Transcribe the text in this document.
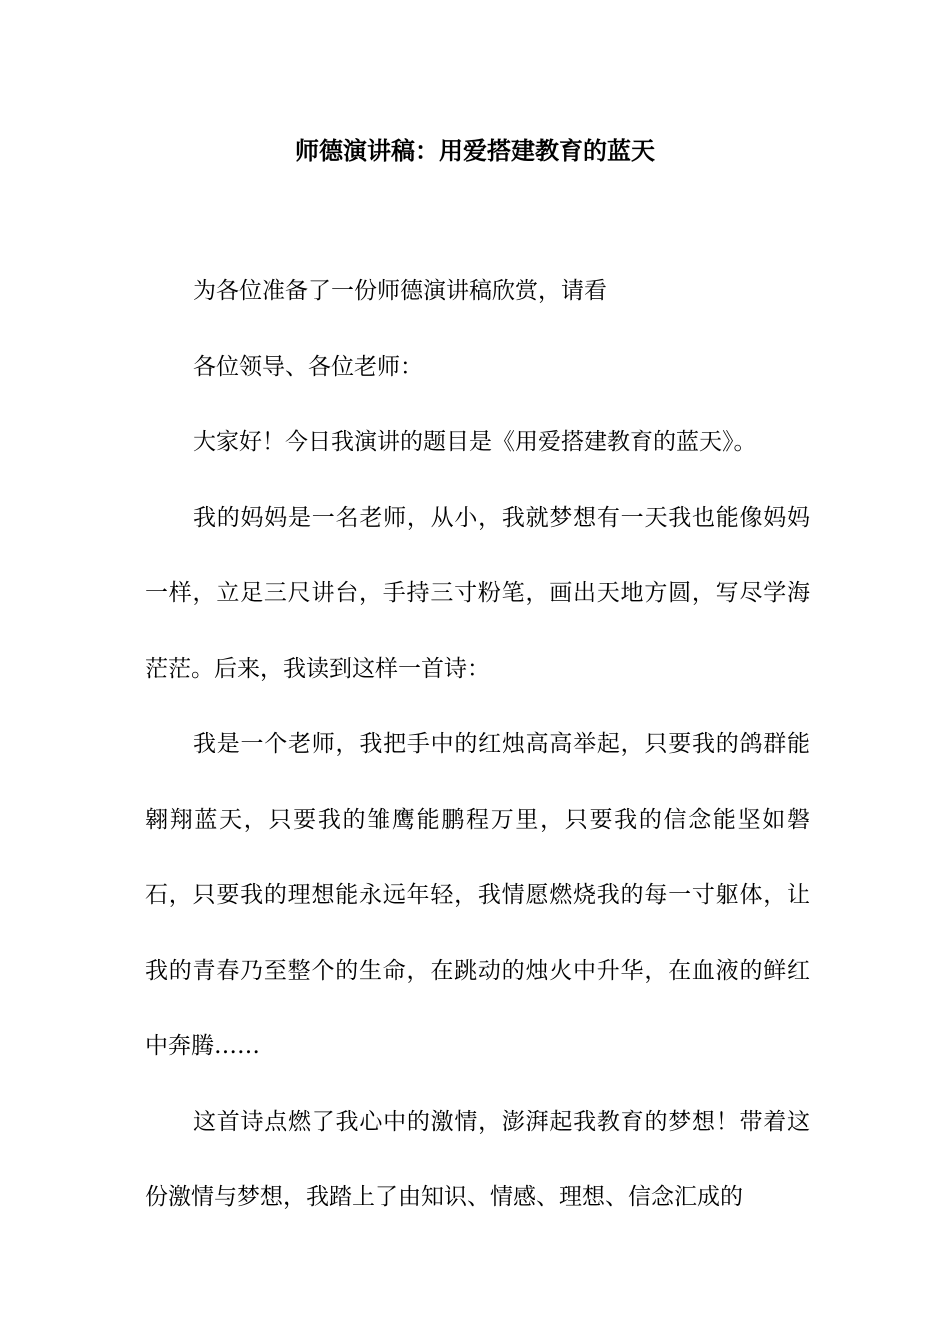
师德演讲稿：用爱搭建教育的蓝天

为各位准备了一份师德演讲稿欣赏，请看

各位领导、各位老师：

大家好！今日我演讲的题目是《用爱搭建教育的蓝天》。

我的妈妈是一名老师，从小，我就梦想有一天我也能像妈妈一样，立足三尺讲台，手持三寸粉笔，画出天地方圆，写尽学海茫茫。后来，我读到这样一首诗：

我是一个老师，我把手中的红烛高高举起，只要我的鸽群能翱翔蓝天，只要我的雏鹰能鹏程万里，只要我的信念能坚如磐石，只要我的理想能永远年轻，我情愿燃烧我的每一寸躯体，让我的青春乃至整个的生命，在跳动的烛火中升华，在血液的鲜红中奔腾……

这首诗点燃了我心中的激情，澎湃起我教育的梦想！带着这份激情与梦想，我踏上了由知识、情感、理想、信念汇成的
